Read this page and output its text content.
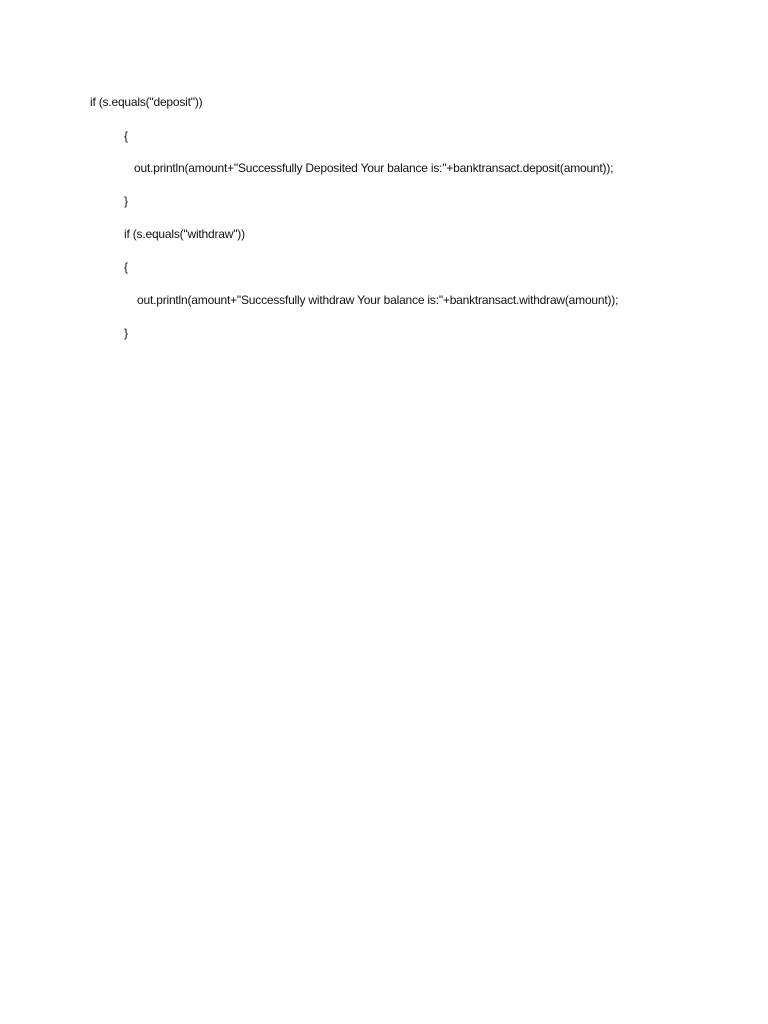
if (s.equals("deposit"))
{
out.println(amount+"Successfully Deposited Your balance is:"+banktransact.deposit(amount));
}
if (s.equals("withdraw"))
{
out.println(amount+"Successfully withdraw Your balance is:"+banktransact.withdraw(amount));
}
